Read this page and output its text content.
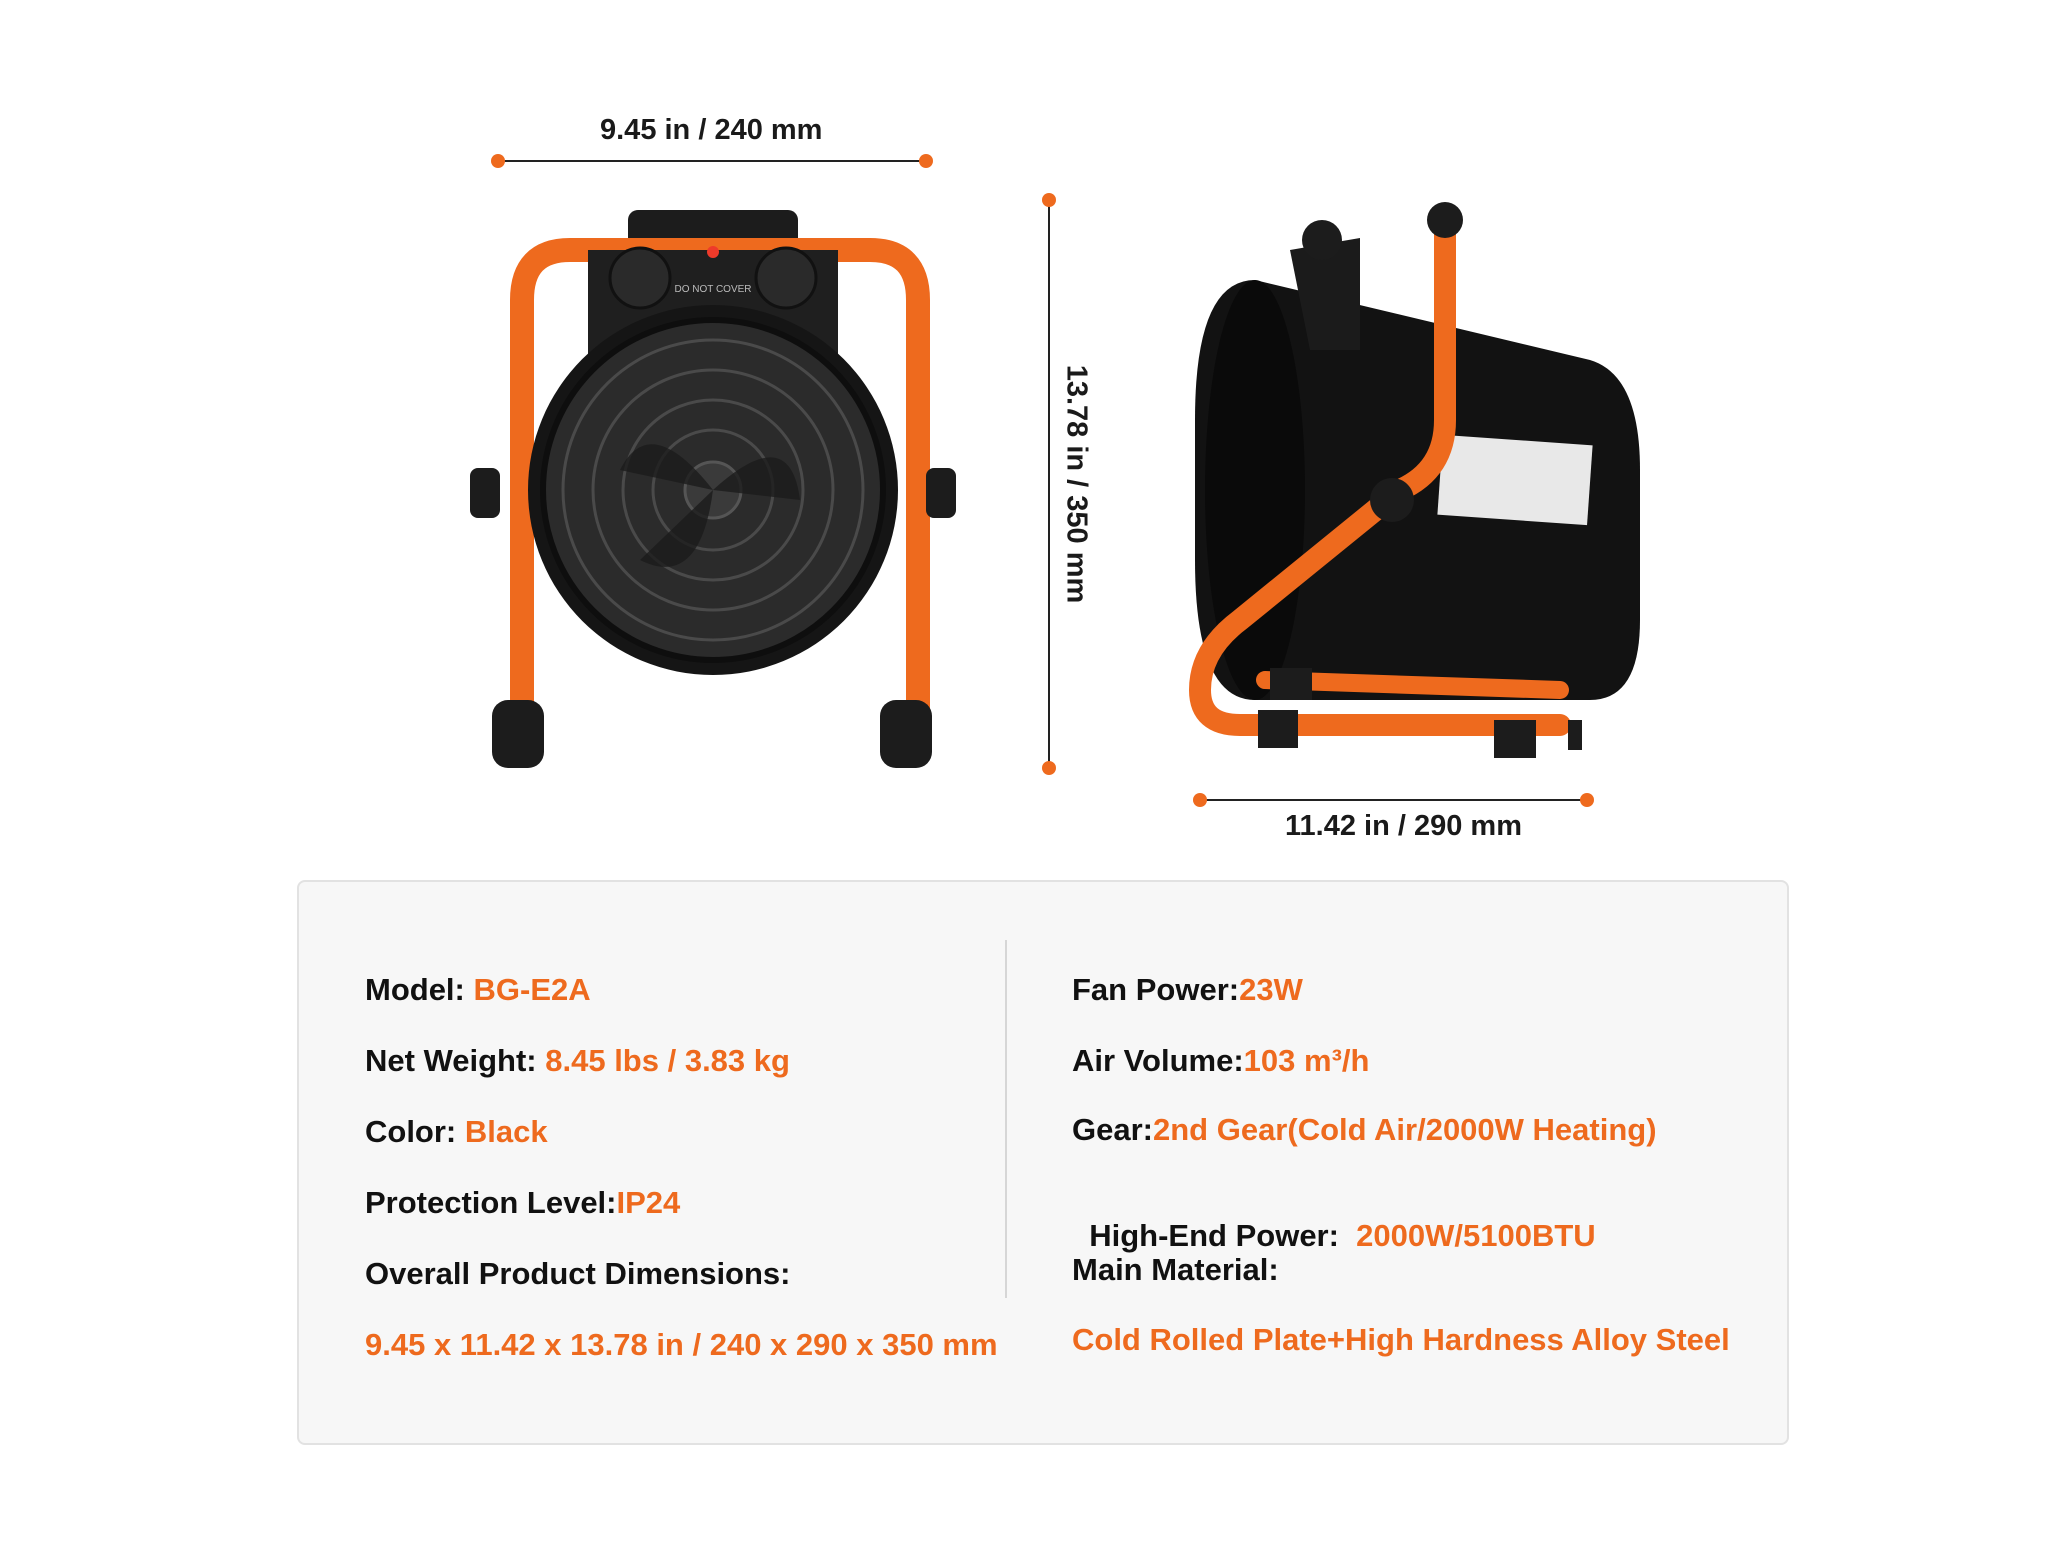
DO NOT COVER
9.45 in / 240 mm
13.78 in / 350 mm
11.42 in / 290 mm
Model: BG-E2A
Net Weight: 8.45 lbs / 3.83 kg
Color: Black
Protection Level:IP24
Overall Product Dimensions:
9.45 x 11.42 x 13.78 in / 240 x 290 x 350 mm
Fan Power:23W
Air Volume:103 m³/h
Gear:2nd Gear(Cold Air/2000W Heating)

High-End Power:  2000W/5100BTU

Main Material:
Cold Rolled Plate+High Hardness Alloy Steel
